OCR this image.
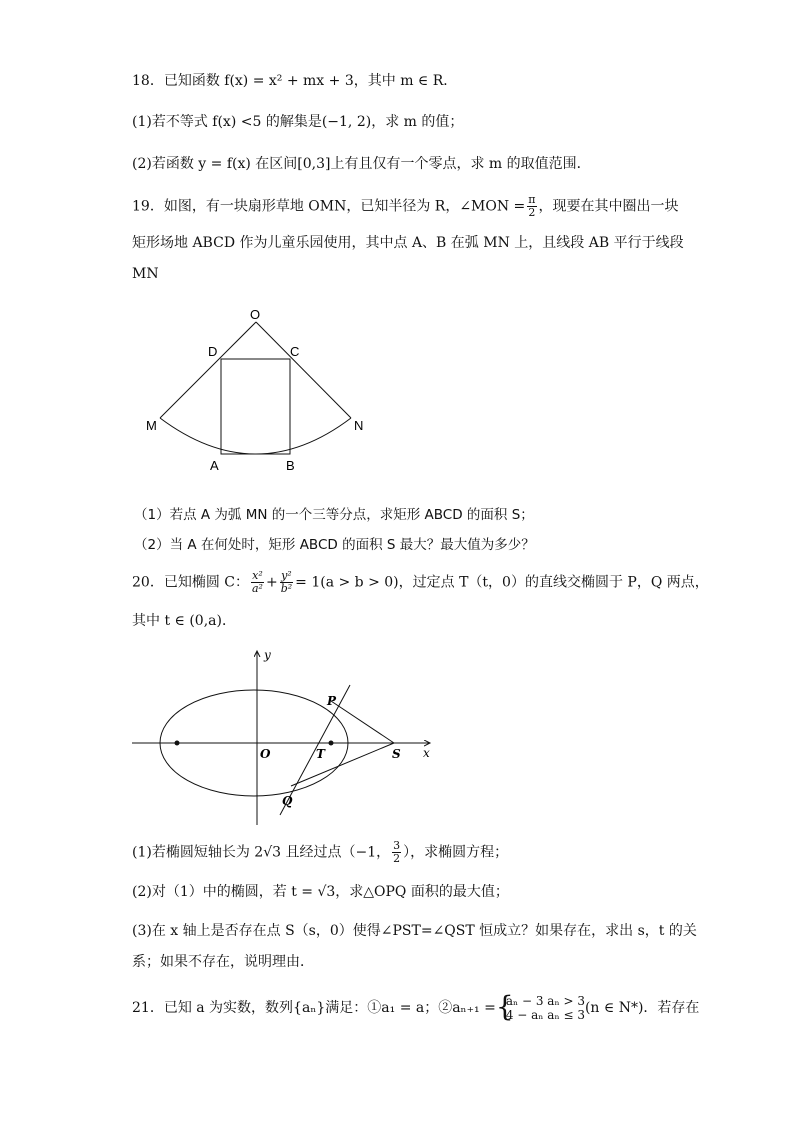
18．已知函数 f(x) = x² + mx + 3，其中 m ∈ R．
(1)若不等式 f(x) <5 的解集是(−1, 2)，求 m 的值；
(2)若函数 y = f(x) 在区间[0,3]上有且仅有一个零点，求 m 的取值范围．
19．如图，有一块扇形草地 OMN，已知半径为 R，∠MON = $\frac{\pi}{2}$ ，现要在其中圈出一块
矩形场地 ABCD 作为儿童乐园使用，其中点 A、B 在弧 MN 上，且线段 AB 平行于线段
MN
O
D	C
M	N
A	B
（1）若点 A 为弧 MN 的一个三等分点，求矩形 ABCD 的面积 S；
（2）当 A 在何处时，矩形 ABCD 的面积 S 最大？最大值为多少？
20．已知椭圆 C： $\frac{\text{x²}}{\text{a²}} + \frac{\text{y²}}{\text{b²}} = 1(a > b > 0)$，过定点 T（t，0）的直线交椭圆于 P，Q 两点，
其中 t ∈ (0,a)．
y
x
O	T	S
P
Q
(1)若椭圆短轴长为 2√3 且经过点（−1， $\frac{3}{2}$ ），求椭圆方程；
(2)对（1）中的椭圆，若 t = √3，求△OPQ 面积的最大值；
(3)在 x 轴上是否存在点 S（s，0）使得∠PST=∠QST 恒成立？如果存在，求出 s，t 的关
系；如果不存在，说明理由．
21．已知 a 为实数，数列{aₙ}满足：①a₁ = a；②aₙ₊₁ = {
aₙ − 3 aₙ > 3
4 − aₙ aₙ ≤ 3 (n ∈ N*)．若存在
